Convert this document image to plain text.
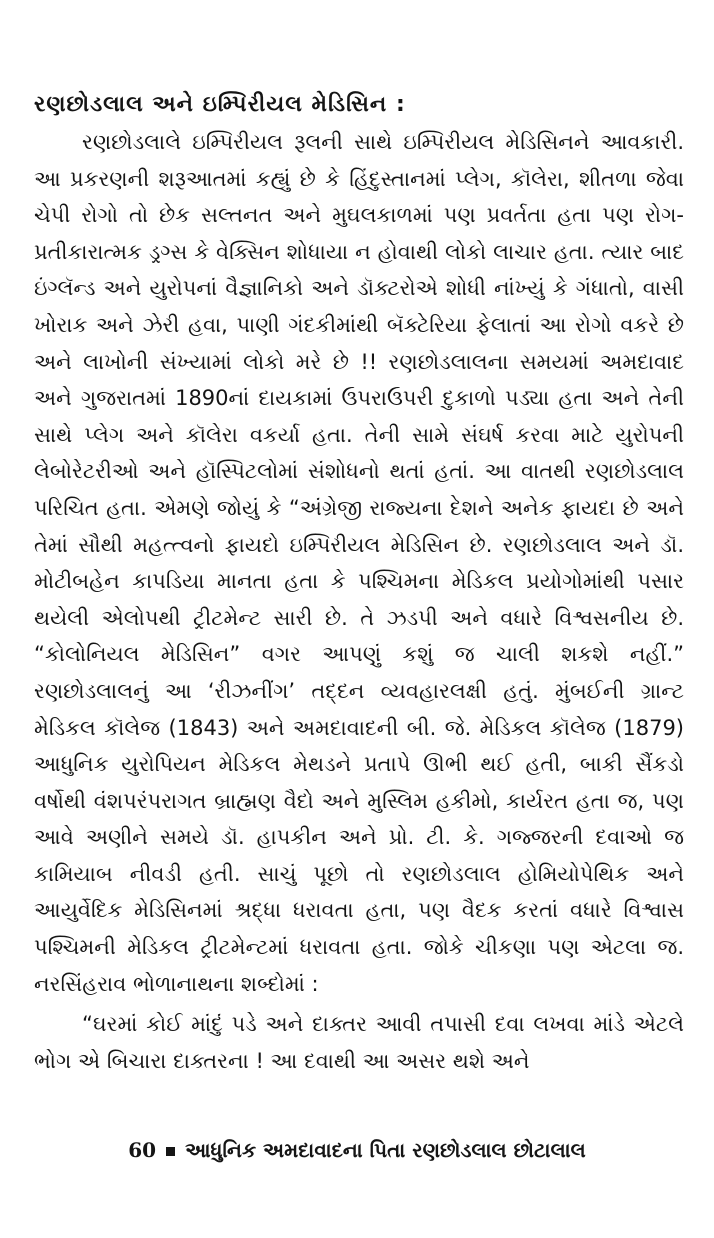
રણછોડલાલ અને ઇમ્પિરીયલ મેડિસિન :

રણછોડલાલે ઇમ્પિરીયલ રૂલની સાથે ઇમ્પિરીયલ મેડિસિનને આવકારી. આ પ્રકરણની શરૂઆતમાં કહ્યું છે કે હિંદુસ્તાનમાં પ્લેગ, કૉલેરા, શીતળા જેવા ચેપી રોગો તો છેક સલ્તનત અને મુઘલકાળમાં પણ પ્રવર્તતા હતા પણ રોગ-પ્રતીકારાત્મક ડ્રગ્સ કે વેક્સિન શોધાયા ન હોવાથી લોકો લાચાર હતા. ત્યાર બાદ ઇંગ્લૅન્ડ અને યુરોપનાં વૈજ્ઞાનિકો અને ડૉક્ટરોએ શોધી નાંખ્યું કે ગંધાતો, વાસી ખોરાક અને ઝેરી હવા, પાણી ગંદકીમાંથી બૅક્ટેરિયા ફેલાતાં આ રોગો વકરે છે અને લાખોની સંખ્યામાં લોકો મરે છે !! રણછોડલાલના સમયમાં અમદાવાદ અને ગુજરાતમાં 1890નાં દાયકામાં ઉપરાઉપરી દુકાળો પડ્યા હતા અને તેની સાથે પ્લેગ અને કૉલેરા વકર્યા હતા. તેની સામે સંઘર્ષ કરવા માટે યુરોપની લેબોરેટરીઓ અને હૉસ્પિટલોમાં સંશોધનો થતાં હતાં. આ વાતથી રણછોડલાલ પરિચિત હતા. એમણે જોયું કે “અંગ્રેજી રાજ્યના દેશને અનેક ફાયદા છે અને તેમાં સૌથી મહત્ત્વનો ફાયદો ઇમ્પિરીયલ મેડિસિન છે. રણછોડલાલ અને ડૉ. મોટીબહેન કાપડિયા માનતા હતા કે પશ્ચિમના મેડિકલ પ્રયોગોમાંથી પસાર થયેલી એલોપથી ટ્રીટમેન્ટ સારી છે. તે ઝડપી અને વધારે વિશ્વસનીય છે. “કોલોનિયલ મેડિસિન” વગર આપણું કશું જ ચાલી શકશે નહીં.” રણછોડલાલનું આ ‘રીઝનીંગ’ તદ્દન વ્યવહારલક્ષી હતું. મુંબઈની ગ્રાન્ટ મેડિકલ કૉલેજ (1843) અને અમદાવાદની બી. જે. મેડિકલ કૉલેજ (1879) આધુનિક યુરોપિયન મેડિકલ મેથડને પ્રતાપે ઊભી થઈ હતી, બાકી સૈંકડો વર્ષોથી વંશપરંપરાગત બ્રાહ્મણ વૈદો અને મુસ્લિમ હકીમો, કાર્યરત હતા જ, પણ આવે અણીને સમયે ડૉ. હાપકીન અને પ્રો. ટી. કે. ગજ્જરની દવાઓ જ કામિયાબ નીવડી હતી. સાચું પૂછો તો રણછોડલાલ હોમિયોપેથિક અને આયુર્વેદિક મેડિસિનમાં શ્રદ્ધા ધરાવતા હતા, પણ વૈદક કરતાં વધારે વિશ્વાસ પશ્ચિમની મેડિકલ ટ્રીટમેન્ટમાં ધરાવતા હતા. જોકે ચીકણા પણ એટલા જ. નરસિંહરાવ ભોળાનાથના શબ્દોમાં :

“ઘરમાં કોઈ માંદું પડે અને દાક્તર આવી તપાસી દવા લખવા માંડે એટલે ભોગ એ બિચારા દાક્તરના ! આ દવાથી આ અસર થશે અને

60 આધુનિક અમદાવાદના પિતા રણછોડલાલ છોટાલાલ
